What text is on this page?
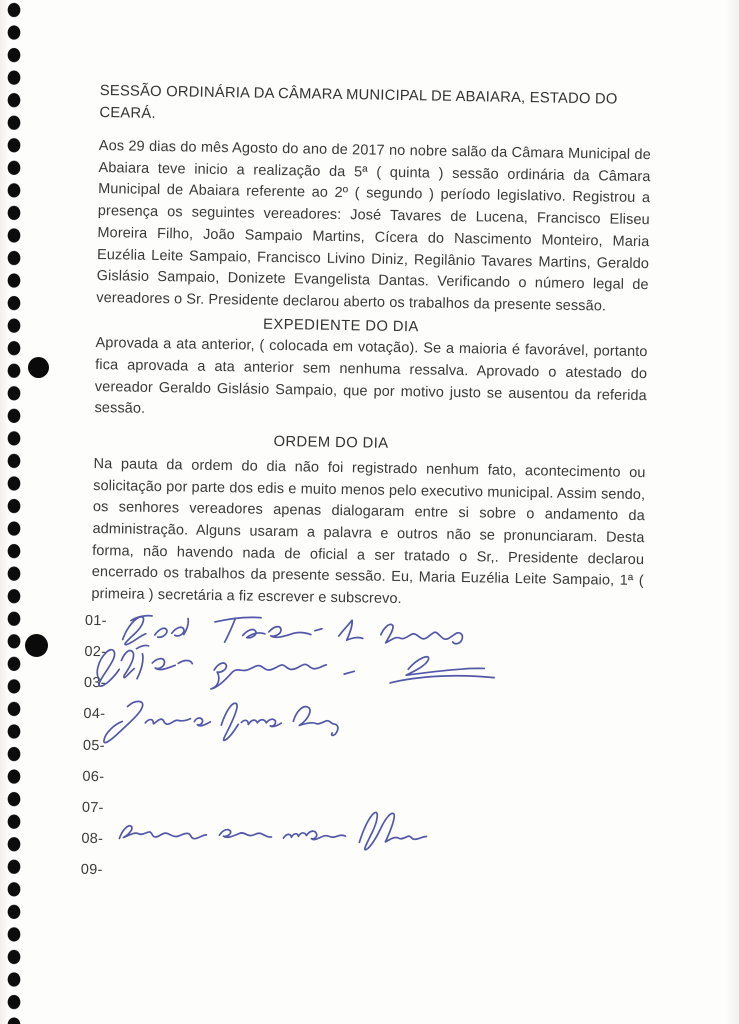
SESSÃO ORDINÁRIA DA CÂMARA MUNICIPAL DE ABAIARA, ESTADO DO CEARÁ.

Aos 29 dias do mês Agosto do ano de 2017 no nobre salão da Câmara Municipal de Abaiara teve inicio a realização da 5ª ( quinta ) sessão ordinária da Câmara Municipal de Abaiara referente ao 2º ( segundo ) período legislativo. Registrou a presença os seguintes vereadores: José Tavares de Lucena, Francisco Eliseu Moreira Filho, João Sampaio Martins, Cícera do Nascimento Monteiro, Maria Euzélia Leite Sampaio, Francisco Livino Diniz, Regilânio Tavares Martins, Geraldo Gislásio Sampaio, Donizete Evangelista Dantas. Verificando o número legal de vereadores o Sr. Presidente declarou aberto os trabalhos da presente sessão.

EXPEDIENTE DO DIA

Aprovada a ata anterior, ( colocada em votação). Se a maioria é favorável, portanto fica aprovada a ata anterior sem nenhuma ressalva. Aprovado o atestado do vereador Geraldo Gislásio Sampaio, que por motivo justo se ausentou da referida sessão.

ORDEM DO DIA

Na pauta da ordem do dia não foi registrado nenhum fato, acontecimento ou solicitação por parte dos edis e muito menos pelo executivo municipal. Assim sendo, os senhores vereadores apenas dialogaram entre si sobre o andamento da administração. Alguns usaram a palavra e outros não se pronunciaram. Desta forma, não havendo nada de oficial a ser tratado o Sr,. Presidente declarou encerrado os trabalhos da presente sessão. Eu, Maria Euzélia Leite Sampaio, 1ª ( primeira ) secretária a fiz escrever e subscrevo.

01-
02-
03-
04-
05-
06-
07-
08-
09-
